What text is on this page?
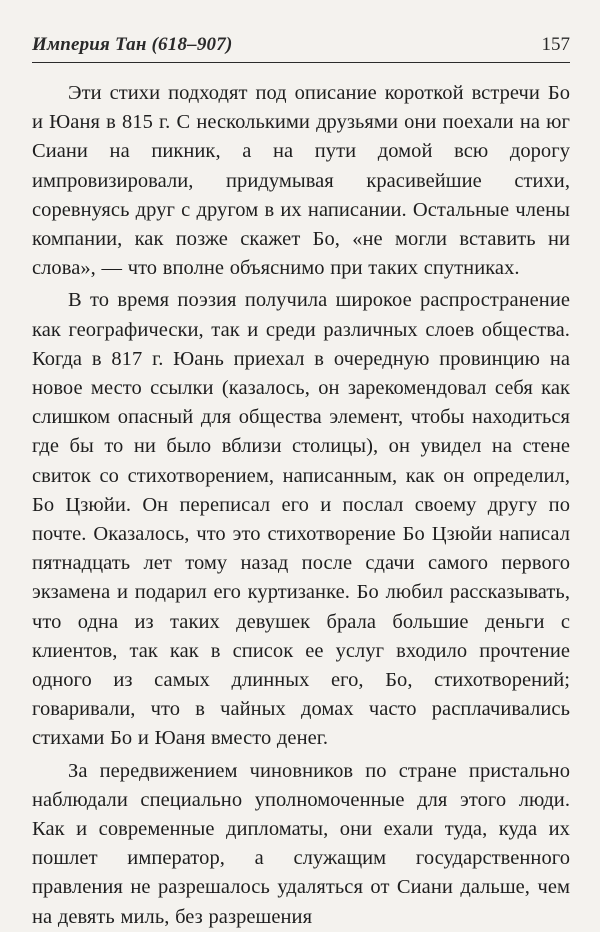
Империя Тан (618–907)	157

Эти стихи подходят под описание короткой встречи Бо и Юаня в 815 г. С несколькими друзьями они поехали на юг Сиани на пикник, а на пути домой всю дорогу импровизировали, придумывая красивейшие стихи, соревнуясь друг с другом в их написании. Остальные члены компании, как позже скажет Бо, «не могли вставить ни слова», — что вполне объяснимо при таких спутниках.

В то время поэзия получила широкое распространение как географически, так и среди различных слоев общества. Когда в 817 г. Юань приехал в очередную провинцию на новое место ссылки (казалось, он зарекомендовал себя как слишком опасный для общества элемент, чтобы находиться где бы то ни было вблизи столицы), он увидел на стене свиток со стихотворением, написанным, как он определил, Бо Цзюйи. Он переписал его и послал своему другу по почте. Оказалось, что это стихотворение Бо Цзюйи написал пятнадцать лет тому назад после сдачи самого первого экзамена и подарил его куртизанке. Бо любил рассказывать, что одна из таких девушек брала большие деньги с клиентов, так как в список ее услуг входило прочтение одного из самых длинных его, Бо, стихотворений; говаривали, что в чайных домах часто расплачивались стихами Бо и Юаня вместо денег.

За передвижением чиновников по стране пристально наблюдали специально уполномоченные для этого люди. Как и современные дипломаты, они ехали туда, куда их пошлет император, а служащим государственного правления не разрешалось удаляться от Сиани дальше, чем на девять миль, без разрешения
